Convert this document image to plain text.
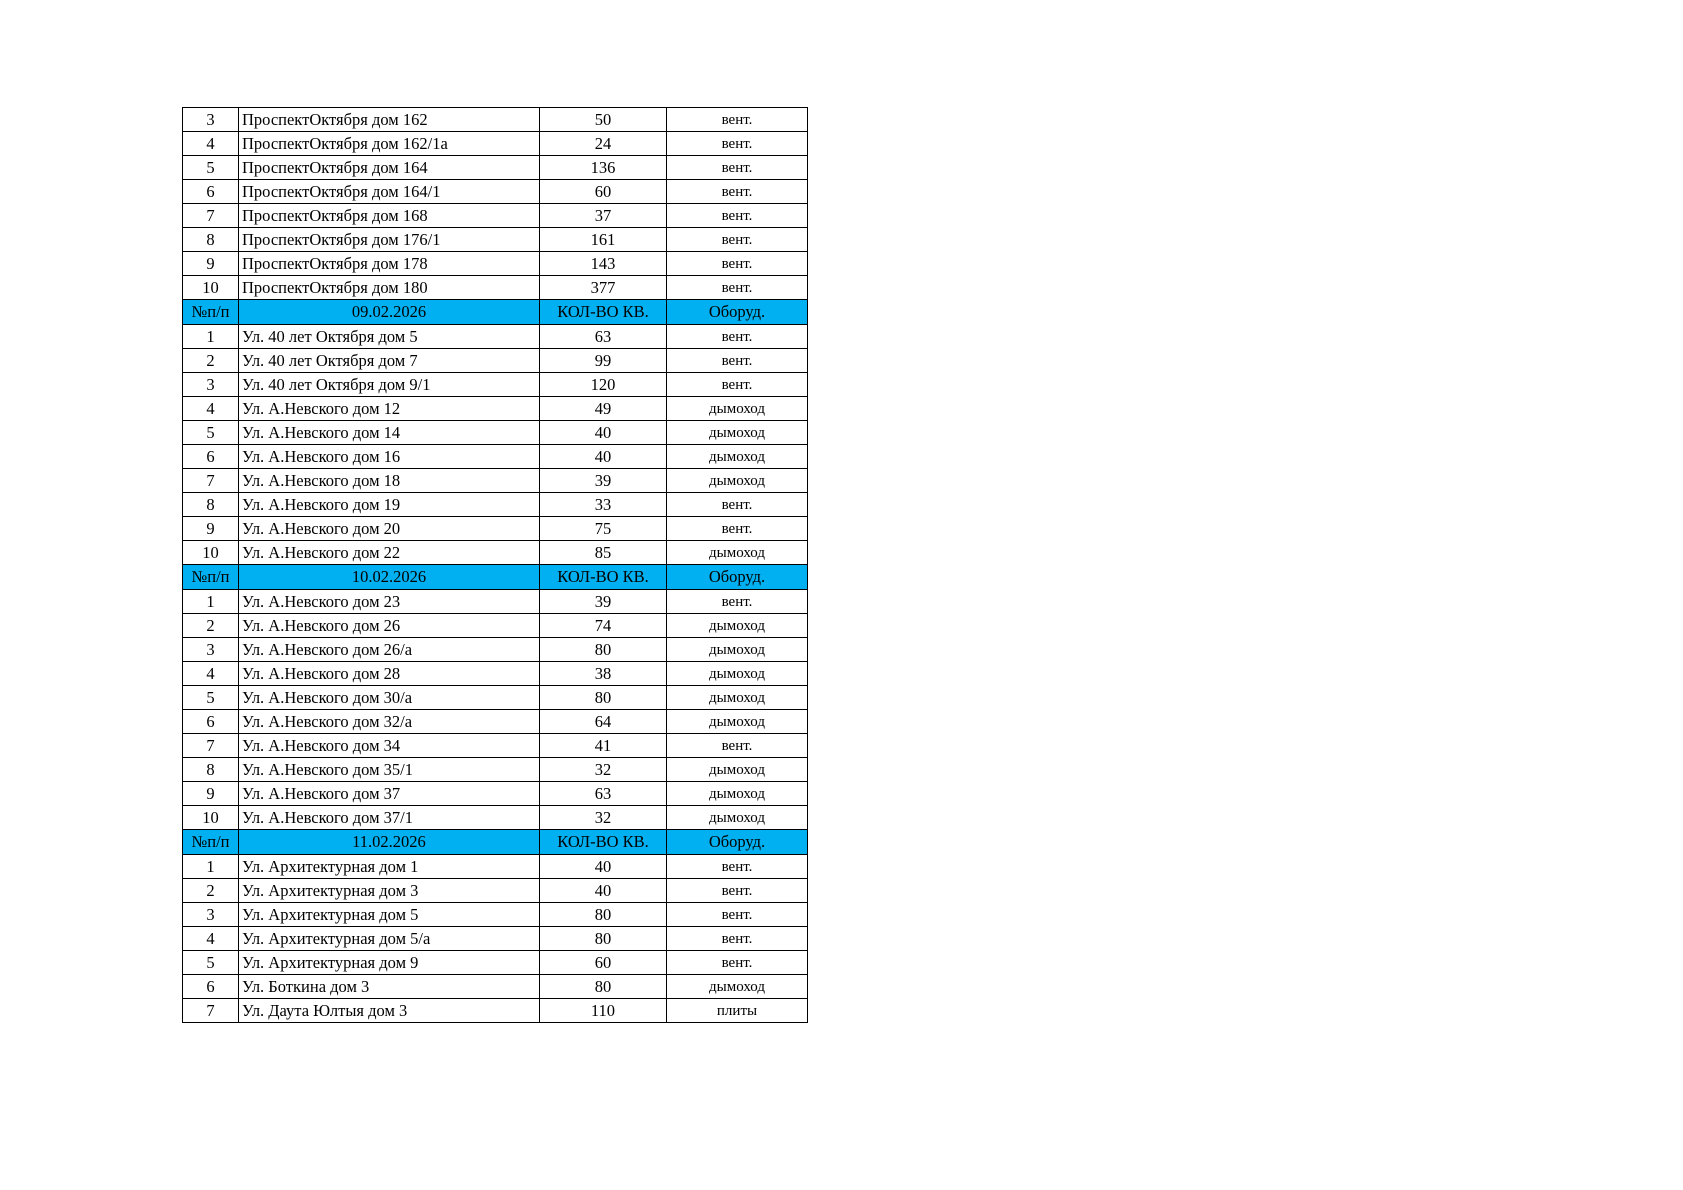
3	ПроспектОктября дом 162	50	вент.
4	ПроспектОктября дом 162/1а	24	вент.
5	ПроспектОктября дом 164	136	вент.
6	ПроспектОктября дом 164/1	60	вент.
7	ПроспектОктября дом 168	37	вент.
8	ПроспектОктября дом 176/1	161	вент.
9	ПроспектОктября дом 178	143	вент.
10	ПроспектОктября дом 180	377	вент.
№п/п	09.02.2026	КОЛ-ВО КВ.	Оборуд.
1	Ул. 40 лет Октября дом 5	63	вент.
2	Ул. 40 лет Октября дом 7	99	вент.
3	Ул. 40 лет Октября дом 9/1	120	вент.
4	Ул. А.Невского дом 12	49	дымоход
5	Ул. А.Невского дом 14	40	дымоход
6	Ул. А.Невского дом 16	40	дымоход
7	Ул. А.Невского дом 18	39	дымоход
8	Ул. А.Невского дом 19	33	вент.
9	Ул. А.Невского дом 20	75	вент.
10	Ул. А.Невского дом 22	85	дымоход
№п/п	10.02.2026	КОЛ-ВО КВ.	Оборуд.
1	Ул. А.Невского дом 23	39	вент.
2	Ул. А.Невского дом 26	74	дымоход
3	Ул. А.Невского дом 26/а	80	дымоход
4	Ул. А.Невского дом 28	38	дымоход
5	Ул. А.Невского дом 30/а	80	дымоход
6	Ул. А.Невского дом 32/а	64	дымоход
7	Ул. А.Невского дом 34	41	вент.
8	Ул. А.Невского дом 35/1	32	дымоход
9	Ул. А.Невского дом 37	63	дымоход
10	Ул. А.Невского дом 37/1	32	дымоход
№п/п	11.02.2026	КОЛ-ВО КВ.	Оборуд.
1	Ул. Архитектурная дом 1	40	вент.
2	Ул. Архитектурная дом 3	40	вент.
3	Ул. Архитектурная дом 5	80	вент.
4	Ул. Архитектурная дом 5/а	80	вент.
5	Ул. Архитектурная дом 9	60	вент.
6	Ул. Боткина дом 3	80	дымоход
7	Ул. Даута Юлтыя дом 3	110	плиты
